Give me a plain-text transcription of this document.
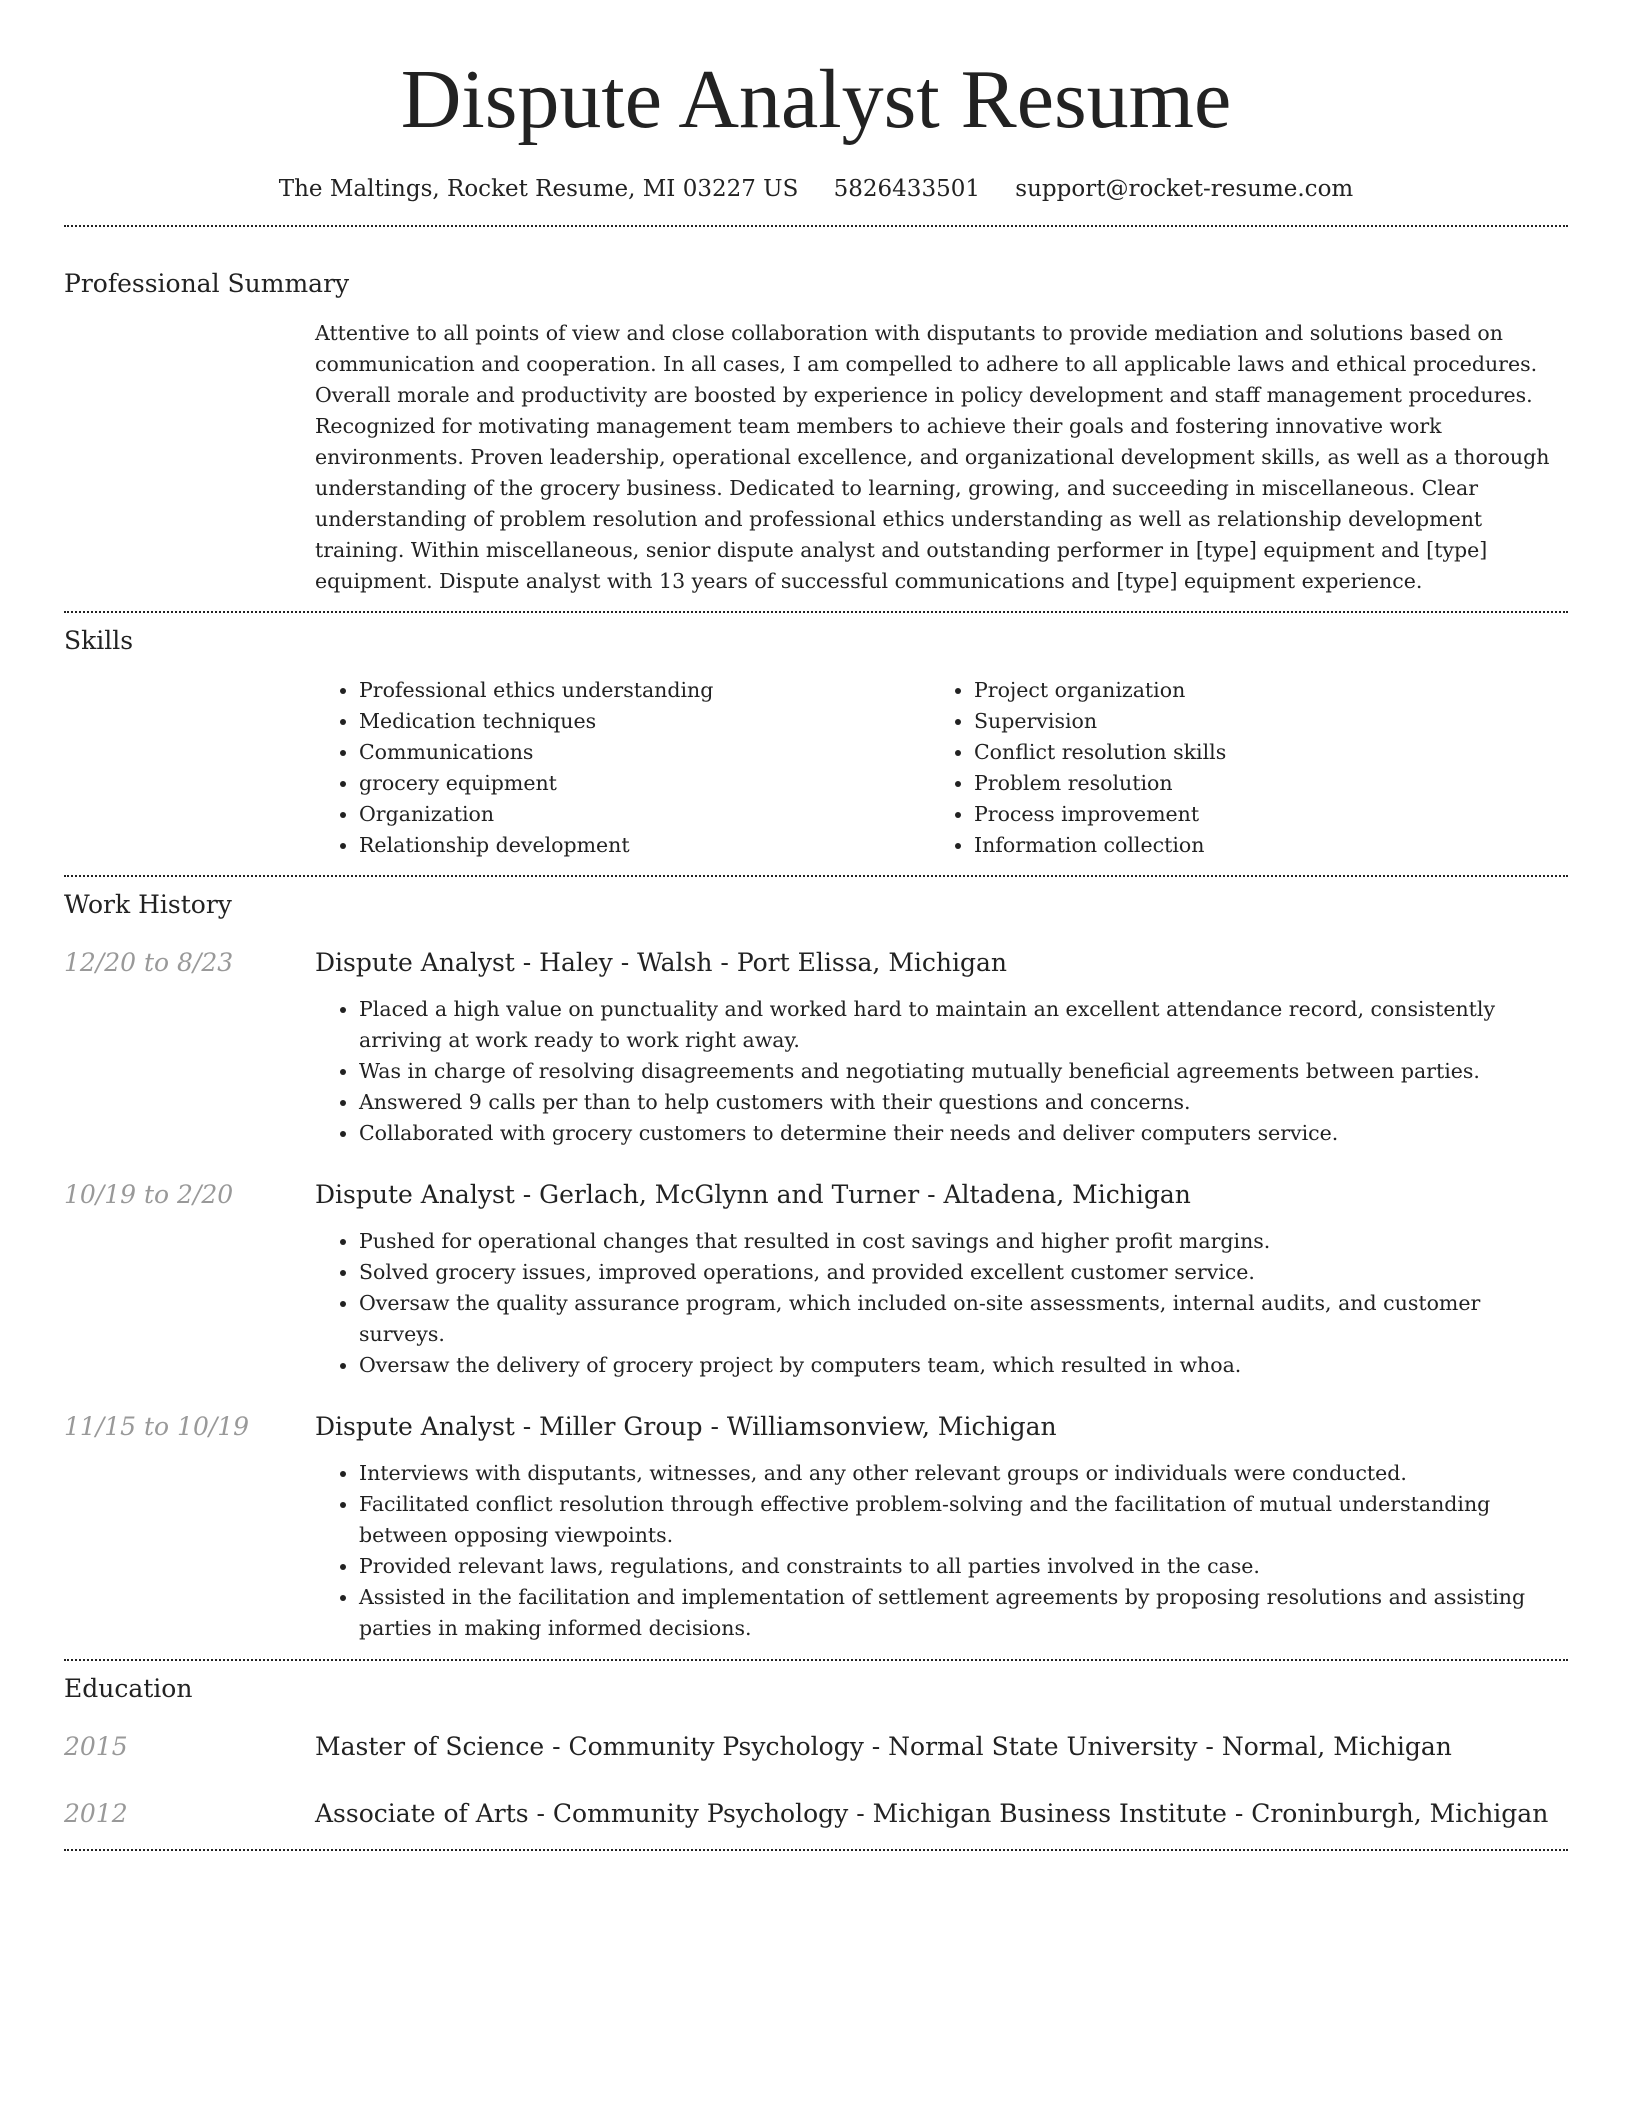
Dispute Analyst Resume
The Maltings, Rocket Resume, MI 03227 US 5826433501 support@rocket-resume.com
Professional Summary
Attentive to all points of view and close collaboration with disputants to provide mediation and solutions based on communication and cooperation. In all cases, I am compelled to adhere to all applicable laws and ethical procedures. Overall morale and productivity are boosted by experience in policy development and staff management procedures. Recognized for motivating management team members to achieve their goals and fostering innovative work environments. Proven leadership, operational excellence, and organizational development skills, as well as a thorough understanding of the grocery business. Dedicated to learning, growing, and succeeding in miscellaneous. Clear understanding of problem resolution and professional ethics understanding as well as relationship development training. Within miscellaneous, senior dispute analyst and outstanding performer in [type] equipment and [type] equipment. Dispute analyst with 13 years of successful communications and [type] equipment experience.
Skills
• Professional ethics understanding
• Medication techniques
• Communications
• grocery equipment
• Organization
• Relationship development
• Project organization
• Supervision
• Conflict resolution skills
• Problem resolution
• Process improvement
• Information collection
Work History
12/20 to 8/23	Dispute Analyst - Haley - Walsh - Port Elissa, Michigan
• Placed a high value on punctuality and worked hard to maintain an excellent attendance record, consistently arriving at work ready to work right away.
• Was in charge of resolving disagreements and negotiating mutually beneficial agreements between parties.
• Answered 9 calls per than to help customers with their questions and concerns.
• Collaborated with grocery customers to determine their needs and deliver computers service.
10/19 to 2/20	Dispute Analyst - Gerlach, McGlynn and Turner - Altadena, Michigan
• Pushed for operational changes that resulted in cost savings and higher profit margins.
• Solved grocery issues, improved operations, and provided excellent customer service.
• Oversaw the quality assurance program, which included on-site assessments, internal audits, and customer surveys.
• Oversaw the delivery of grocery project by computers team, which resulted in whoa.
11/15 to 10/19	Dispute Analyst - Miller Group - Williamsonview, Michigan
• Interviews with disputants, witnesses, and any other relevant groups or individuals were conducted.
• Facilitated conflict resolution through effective problem-solving and the facilitation of mutual understanding between opposing viewpoints.
• Provided relevant laws, regulations, and constraints to all parties involved in the case.
• Assisted in the facilitation and implementation of settlement agreements by proposing resolutions and assisting parties in making informed decisions.
Education
2015	Master of Science - Community Psychology - Normal State University - Normal, Michigan
2012	Associate of Arts - Community Psychology - Michigan Business Institute - Croninburgh, Michigan
